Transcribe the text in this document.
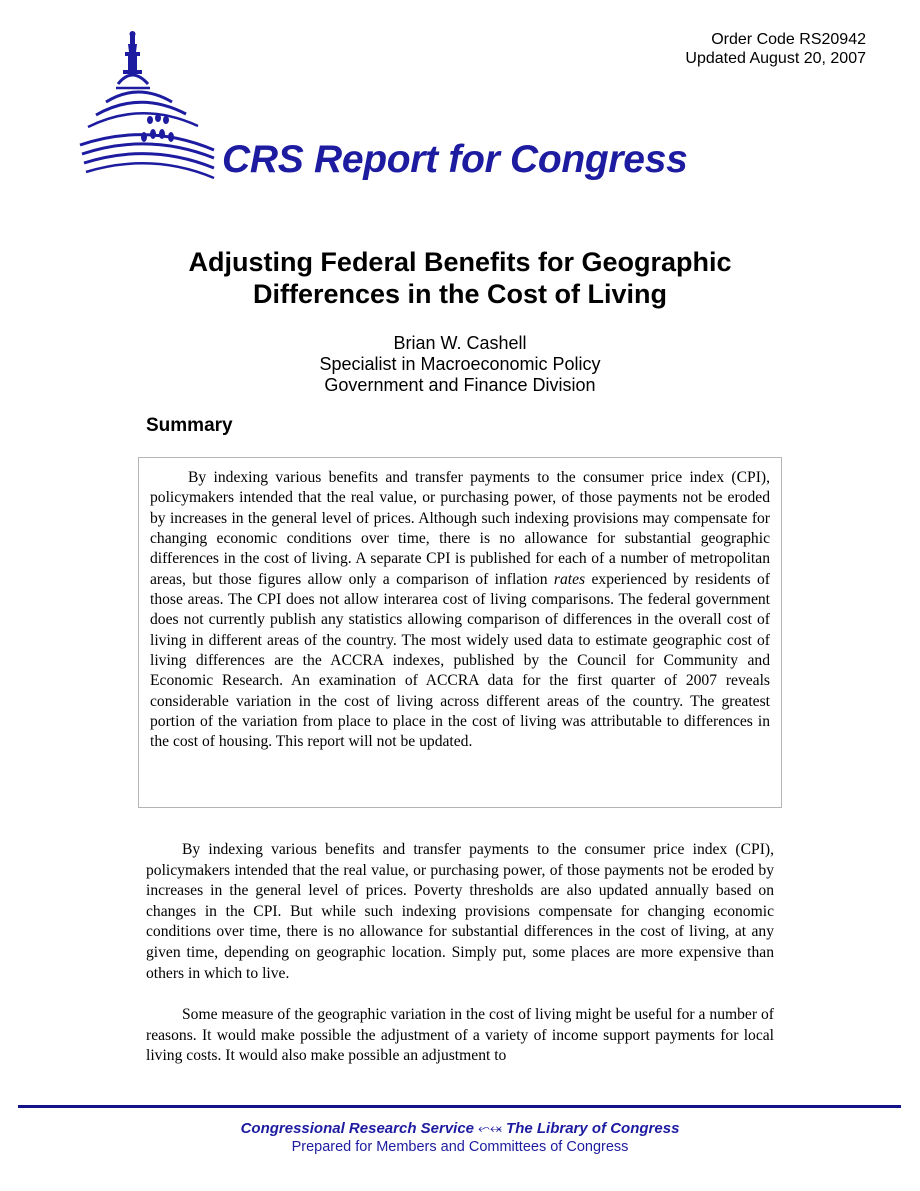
Order Code RS20942
Updated August 20, 2007
CRS Report for Congress
Adjusting Federal Benefits for Geographic
Differences in the Cost of Living
Brian W. Cashell
Specialist in Macroeconomic Policy
Government and Finance Division
Summary

By indexing various benefits and transfer payments to the consumer price index (CPI), policymakers intended that the real value, or purchasing power, of those payments not be eroded by increases in the general level of prices. Although such indexing provisions may compensate for changing economic conditions over time, there is no allowance for substantial geographic differences in the cost of living. A separate CPI is published for each of a number of metropolitan areas, but those figures allow only a comparison of inflation rates experienced by residents of those areas. The CPI does not allow interarea cost of living comparisons. The federal government does not currently publish any statistics allowing comparison of differences in the overall cost of living in different areas of the country. The most widely used data to estimate geographic cost of living differences are the ACCRA indexes, published by the Council for Community and Economic Research. An examination of ACCRA data for the first quarter of 2007 reveals considerable variation in the cost of living across different areas of the country. The greatest portion of the variation from place to place in the cost of living was attributable to differences in the cost of housing. This report will not be updated.

By indexing various benefits and transfer payments to the consumer price index (CPI), policymakers intended that the real value, or purchasing power, of those payments not be eroded by increases in the general level of prices. Poverty thresholds are also updated annually based on changes in the CPI. But while such indexing provisions compensate for changing economic conditions over time, there is no allowance for substantial differences in the cost of living, at any given time, depending on geographic location. Simply put, some places are more expensive than others in which to live.

Some measure of the geographic variation in the cost of living might be useful for a number of reasons. It would make possible the adjustment of a variety of income support payments for local living costs. It would also make possible an adjustment to

Congressional Research Service ⬿⬾ The Library of Congress
Prepared for Members and Committees of Congress
